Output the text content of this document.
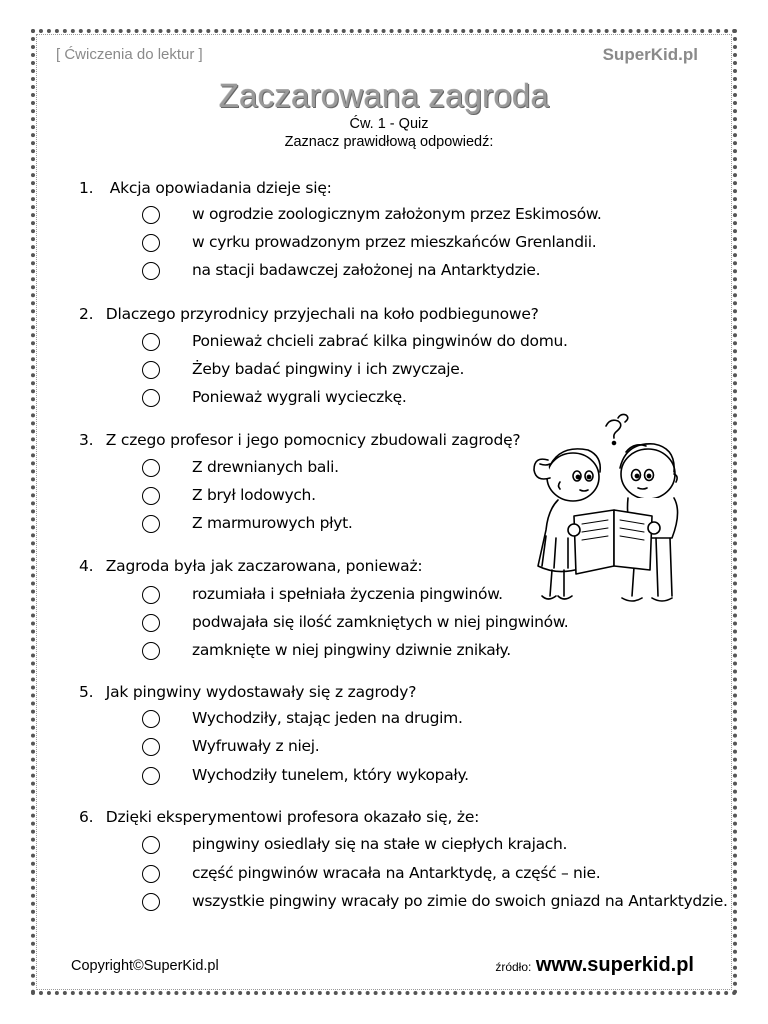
[ Ćwiczenia do lektur ]	SuperKid.pl
Zaczarowana zagroda
Ćw. 1 - Quiz
Zaznacz prawidłową odpowiedź:
1. Akcja opowiadania dzieje się:
w ogrodzie zoologicznym założonym przez Eskimosów.
w cyrku prowadzonym przez mieszkańców Grenlandii.
na stacji badawczej założonej na Antarktydzie.
2. Dlaczego przyrodnicy przyjechali na koło podbiegunowe?
Ponieważ chcieli zabrać kilka pingwinów do domu.
Żeby badać pingwiny i ich zwyczaje.
Ponieważ wygrali wycieczkę.
3. Z czego profesor i jego pomocnicy zbudowali zagrodę?
Z drewnianych bali.
Z brył lodowych.
Z marmurowych płyt.
4. Zagroda była jak zaczarowana, ponieważ:
rozumiała i spełniała życzenia pingwinów.
podwajała się ilość zamkniętych w niej pingwinów.
zamknięte w niej pingwiny dziwnie znikały.
5. Jak pingwiny wydostawały się z zagrody?
Wychodziły, stając jeden na drugim.
Wyfruwały z niej.
Wychodziły tunelem, który wykopały.
6. Dzięki eksperymentowi profesora okazało się, że:
pingwiny osiedlały się na stałe w ciepłych krajach.
część pingwinów wracała na Antarktydę, a część – nie.
wszystkie pingwiny wracały po zimie do swoich gniazd na Antarktydzie.
Copyright©SuperKid.pl	źródło: www.superkid.pl
